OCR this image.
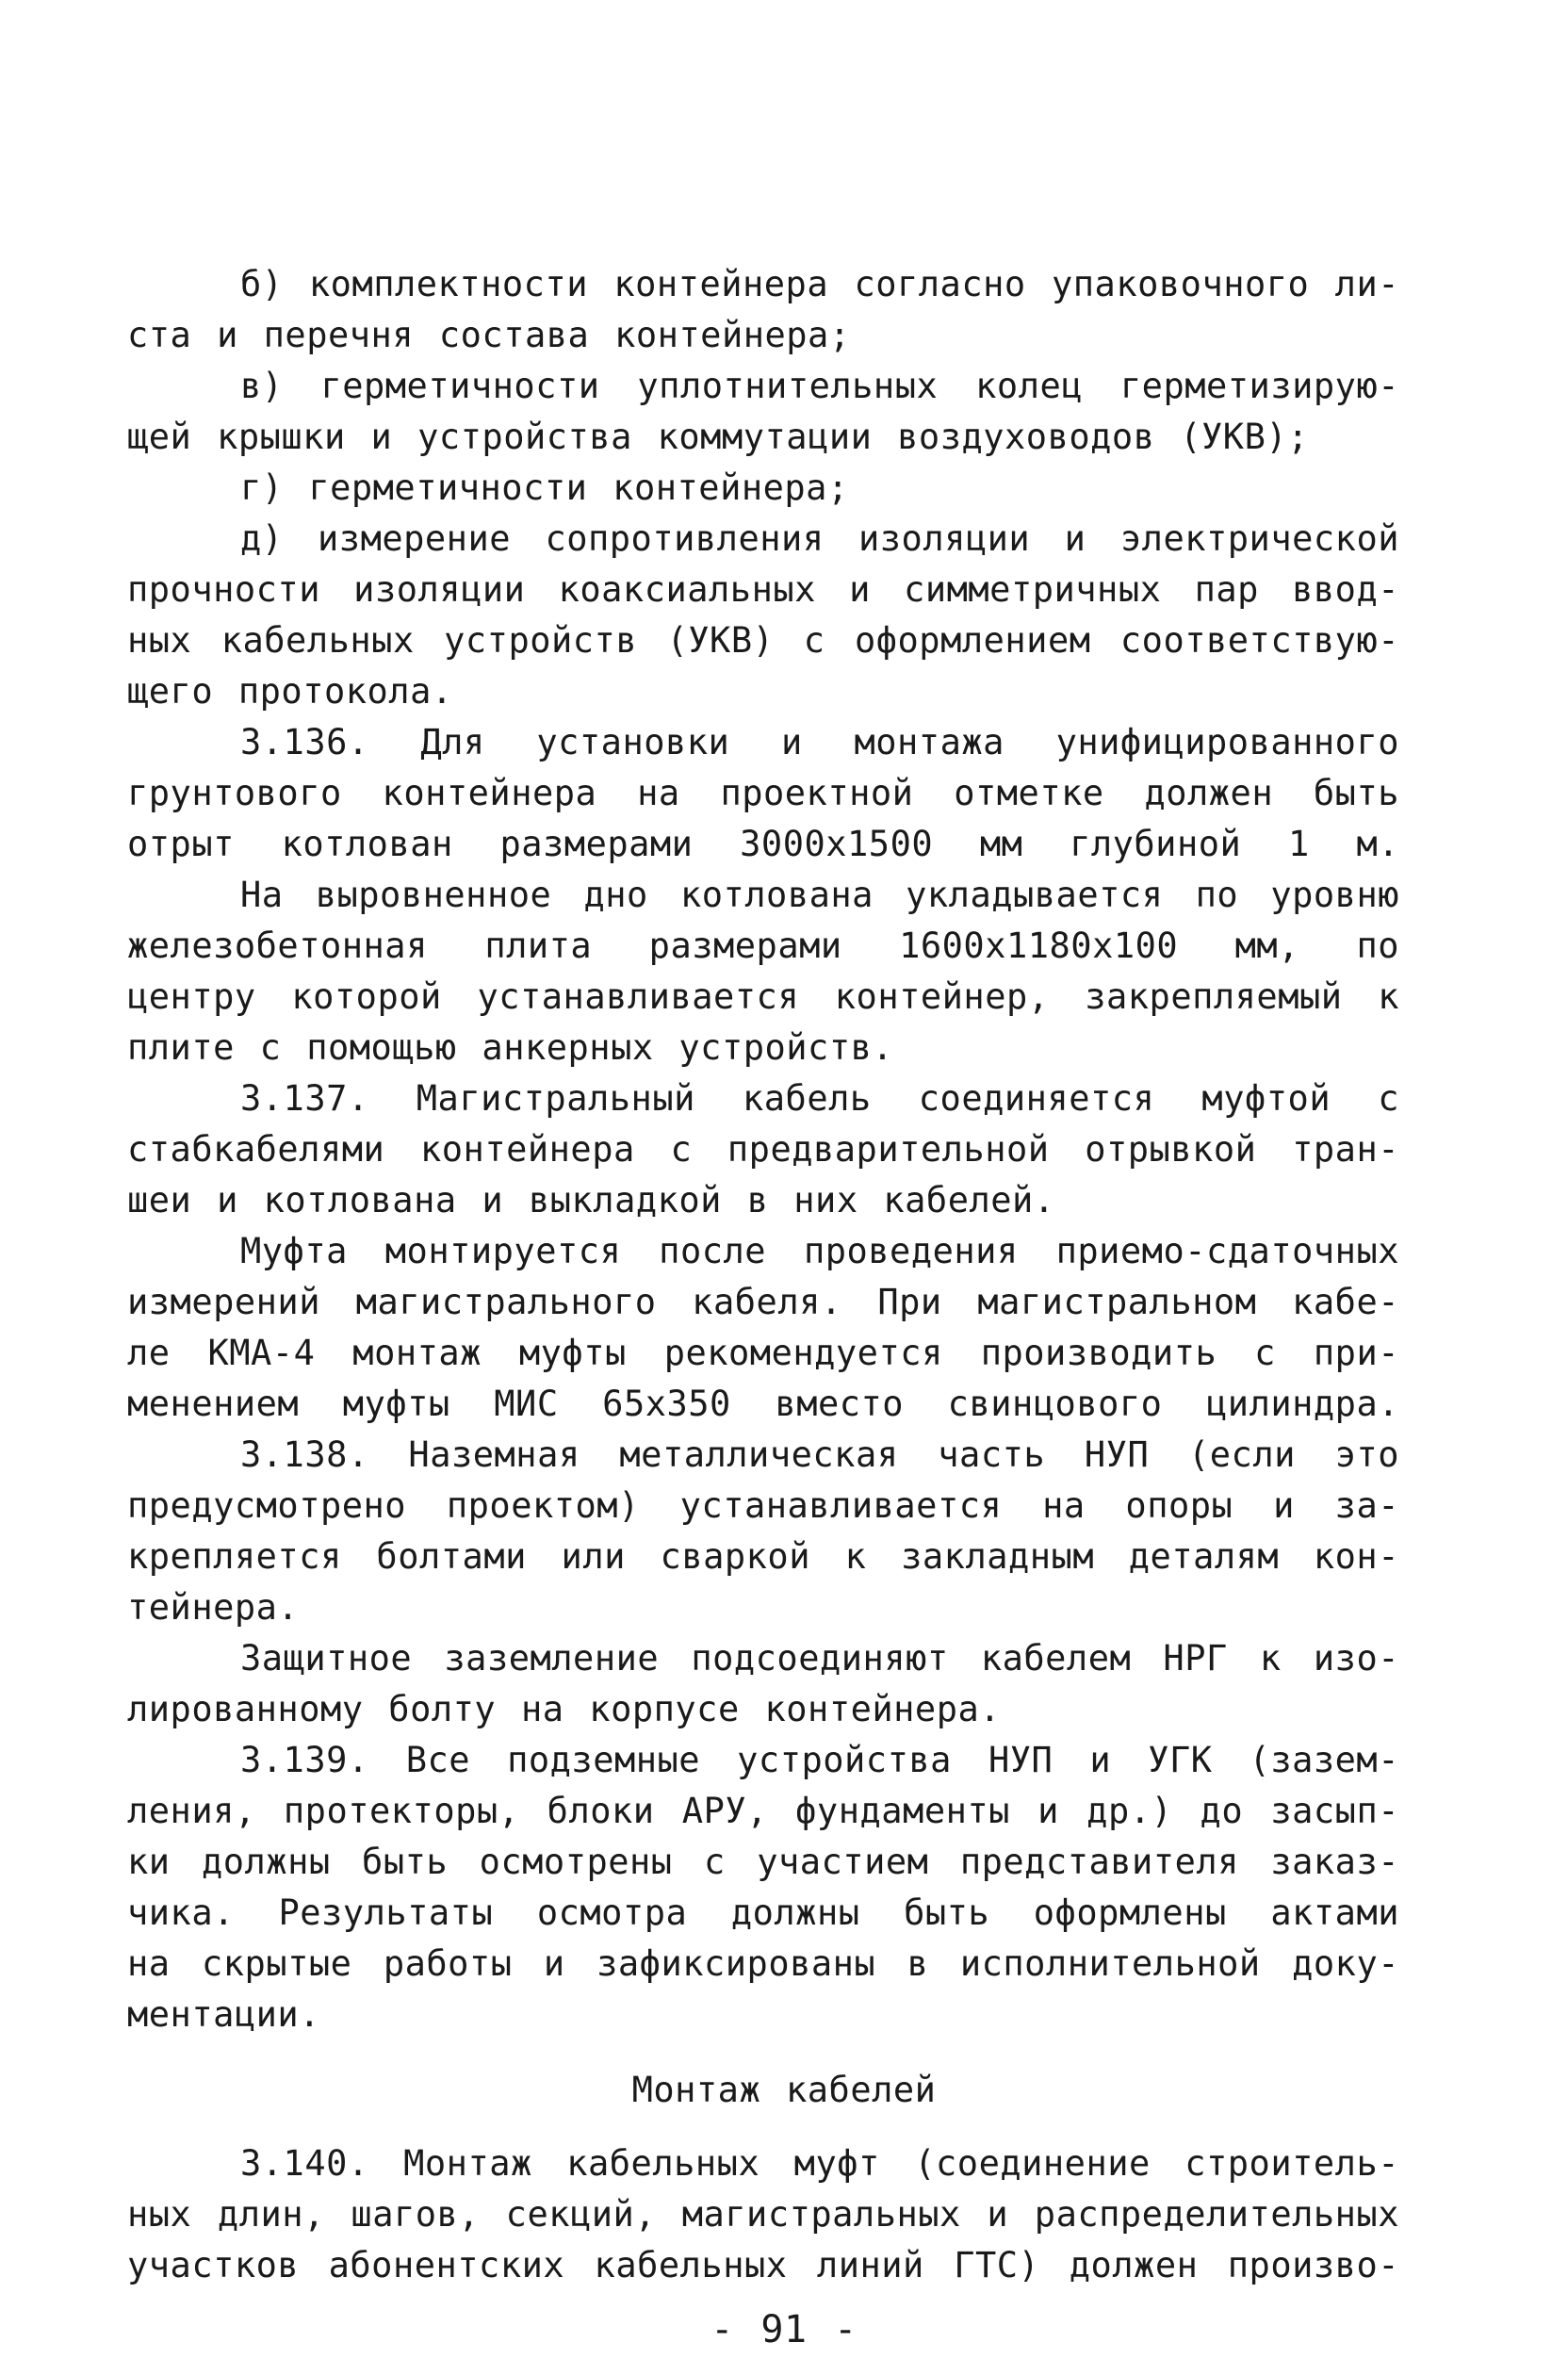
б) комплектности контейнера согласно упаковочного ли-
ста и перечня состава контейнера;
в) герметичности уплотнительных колец герметизирую-
щей крышки и устройства коммутации воздуховодов (УКВ);
г) герметичности контейнера;
д) измерение сопротивления изоляции и электрической
прочности изоляции коаксиальных и симметричных пар ввод-
ных кабельных устройств (УКВ) с оформлением соответствую-
щего протокола.
3.136. Для установки и монтажа унифицированного
грунтового контейнера на проектной отметке должен быть
отрыт котлован размерами 3000х1500 мм глубиной 1 м.
На выровненное дно котлована укладывается по уровню
железобетонная плита размерами 1600х1180х100 мм, по
центру которой устанавливается контейнер, закрепляемый к
плите с помощью анкерных устройств.
3.137. Магистральный кабель соединяется муфтой с
стабкабелями контейнера с предварительной отрывкой тран-
шеи и котлована и выкладкой в них кабелей.
Муфта монтируется после проведения приемо-сдаточных
измерений магистрального кабеля. При магистральном кабе-
ле КМА-4 монтаж муфты рекомендуется производить с при-
менением муфты МИС 65х350 вместо свинцового цилиндра.
3.138. Наземная металлическая часть НУП (если это
предусмотрено проектом) устанавливается на опоры и за-
крепляется болтами или сваркой к закладным деталям кон-
тейнера.
Защитное заземление подсоединяют кабелем НРГ к изо-
лированному болту на корпусе контейнера.
3.139. Все подземные устройства НУП и УГК (зазем-
ления, протекторы, блоки АРУ, фундаменты и др.) до засып-
ки должны быть осмотрены с участием представителя заказ-
чика. Результаты осмотра должны быть оформлены актами
на скрытые работы и зафиксированы в исполнительной доку-
ментации.
Монтаж кабелей
3.140. Монтаж кабельных муфт (соединение строитель-
ных длин, шагов, секций, магистральных и распределительных
участков абонентских кабельных линий ГТС) должен произво-
- 91 -
